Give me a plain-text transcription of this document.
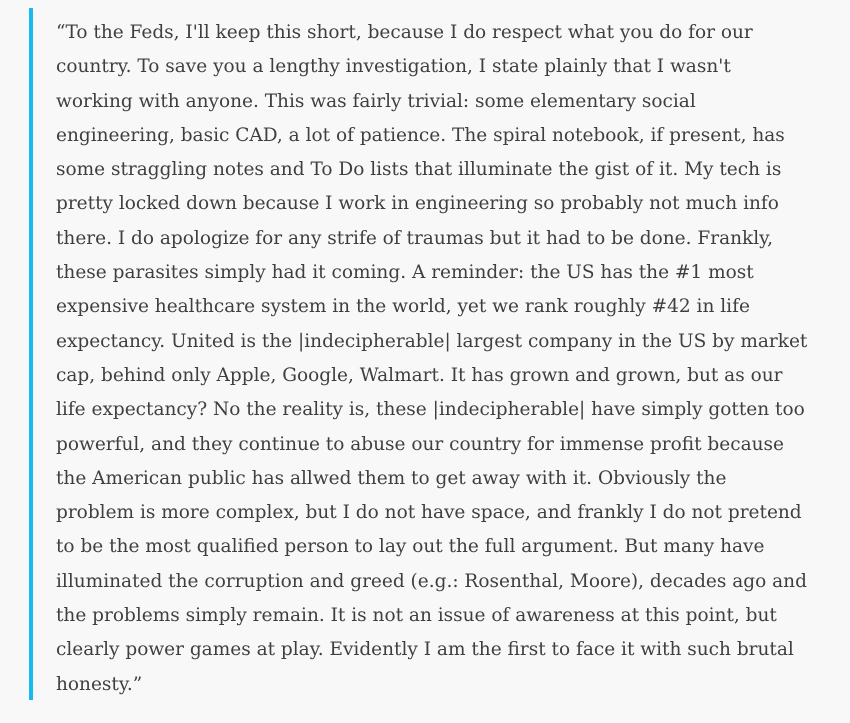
“To the Feds, I'll keep this short, because I do respect what you do for our
country. To save you a lengthy investigation, I state plainly that I wasn't
working with anyone. This was fairly trivial: some elementary social
engineering, basic CAD, a lot of patience. The spiral notebook, if present, has
some straggling notes and To Do lists that illuminate the gist of it. My tech is
pretty locked down because I work in engineering so probably not much info
there. I do apologize for any strife of traumas but it had to be done. Frankly,
these parasites simply had it coming. A reminder: the US has the #1 most
expensive healthcare system in the world, yet we rank roughly #42 in life
expectancy. United is the |indecipherable| largest company in the US by market
cap, behind only Apple, Google, Walmart. It has grown and grown, but as our
life expectancy? No the reality is, these |indecipherable| have simply gotten too
powerful, and they continue to abuse our country for immense profit because
the American public has allwed them to get away with it. Obviously the
problem is more complex, but I do not have space, and frankly I do not pretend
to be the most qualified person to lay out the full argument. But many have
illuminated the corruption and greed (e.g.: Rosenthal, Moore), decades ago and
the problems simply remain. It is not an issue of awareness at this point, but
clearly power games at play. Evidently I am the first to face it with such brutal
honesty.”
